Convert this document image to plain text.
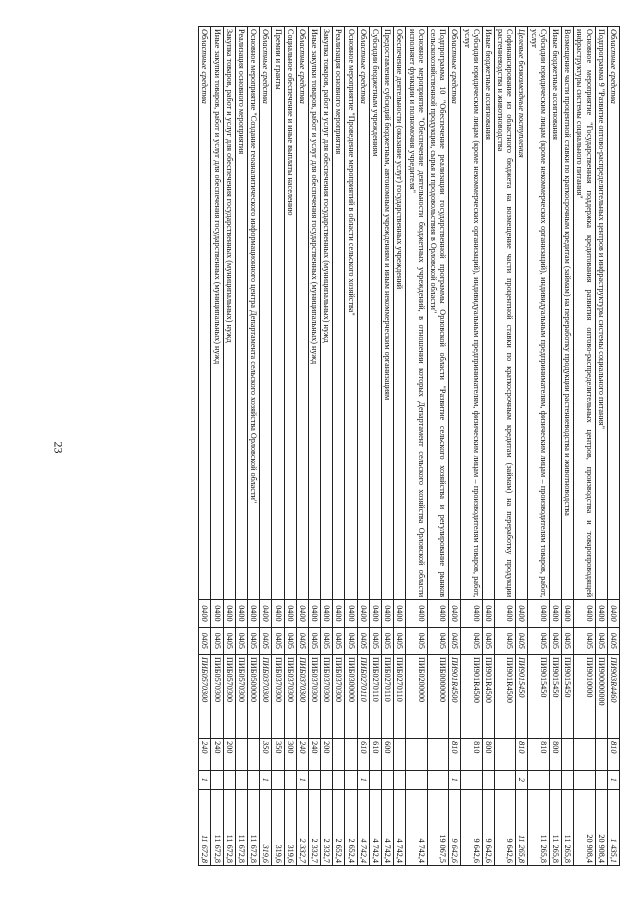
23
Областные средства	0400	0405	ПИ903R4460	810	1	1 435,1
Подпрограмма 9 "Развитие оптово-распределительных центров и инфраструктуры системы социального питания"	0400	0405	ПИ900000000			20 908,4
Основное мероприятие "Государственная поддержка кредитования развития оптово-распределительных центров, производства и товаропроводящей инфраструктуры системы социального питания"	0400	0405	ПИ9010000			20 908,4
Возмещение части процентной ставки по краткосрочным кредитам (займам) на переработку продукции растениеводства и животноводства	0400	0405	ПИ9015450			11 265,8
Иные бюджетные ассигнования	0400	0405	ПИ9015450	800		11 265,8
Субсидии юридическим лицам (кроме некоммерческих организаций), индивидуальным предпринимателям, физическим лицам – производителям товаров, работ, услуг	0400	0405	ПИ9015450	810		11 265,8
Целевые безвозмездные поступления	0400	0405	ПИ9015450	810	2	11 265,8
Софинансирование из областного бюджета на возмещение части процентной ставки по краткосрочным кредитам (займам) на переработку продукции растениеводства и животноводства	0400	0405	ПИ901R4500			9 642,6
Иные бюджетные ассигнования	0400	0405	ПИ901R4500	800		9 642,6
Субсидии юридическим лицам (кроме некоммерческих организаций), индивидуальным предпринимателям, физическим лицам – производителям товаров, работ, услуг	0400	0405	ПИ901R4500	810		9 642,6
Областные средства	0400	0405	ПИ901R4500	810	1	9 642,6
Подпрограмма 10 "Обеспечение реализации государственной программы Орловской области "Развитие сельского хозяйства и регулирование рынков сельскохозяйственной продукции, сырья и продовольствия в Орловской области"	0400	0405	ПИБ0000000			19 067,5
Основное мероприятие "Обеспечение деятельности бюджетных учреждений, в отношении которых Департамент сельского хозяйства Орловской области исполняет функции и полномочия учредителя"	0400	0405	ПИБ0200000			4 742,4
Обеспечение деятельности (оказание услуг) государственных учреждений	0400	0405	ПИБ0270110			4 742,4
Предоставление субсидий бюджетным, автономным учреждениям и иным некоммерческим организациям	0400	0405	ПИБ0270110	600		4 742,4
Субсидии бюджетным учреждениям	0400	0405	ПИБ0270110	610		4 742,4
Областные средства	0400	0405	ПИБ0270110	610	1	4 742,4
Основное мероприятие "Проведение мероприятий в области сельского хозяйства"	0400	0405	ПИБ0300000			2 652,4
Реализация основного мероприятия	0400	0405	ПИБ0370300			2 652,4
Закупка товаров, работ и услуг для обеспечения государственных (муниципальных) нужд	0400	0405	ПИБ0370300	200		2 332,7
Иные закупки товаров, работ и услуг для обеспечения государственных (муниципальных) нужд	0400	0405	ПИБ0370300	240		2 332,7
Областные средства	0400	0405	ПИБ0370300	240	1	2 332,7
Социальное обеспечение и иные выплаты населению	0400	0405	ПИБ0370300	300		319,6
Премии и гранты	0400	0405	ПИБ0370300	350		319,6
Областные средства	0400	0405	ПИБ0370300	350	1	319,6
Основное мероприятие "Создание геоаналитического информационного центра Департамента сельского хозяйства Орловской области"	0400	0405	ПИБ0500000			11 672,8
Реализация основного мероприятия	0400	0405	ПИБ0570300			11 672,8
Закупка товаров, работ и услуг для обеспечения государственных (муниципальных) нужд	0400	0405	ПИБ0570300	200		11 672,8
Иные закупки товаров, работ и услуг для обеспечения государственных (муниципальных) нужд	0400	0405	ПИБ0570300	240		11 672,8
Областные средства	0400	0405	ПИБ0570300	240	1	11 672,8
